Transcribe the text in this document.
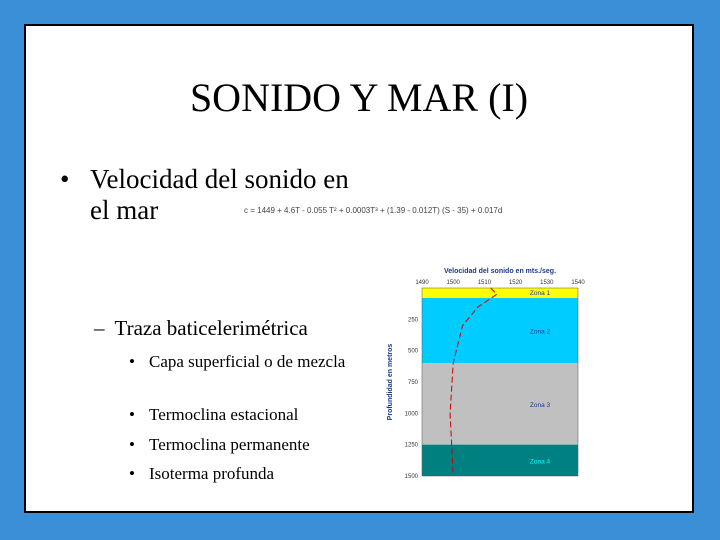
SONIDO Y MAR (I)
• Velocidad del sonido en el mar	c = 1449 + 4.6T - 0.055 T² + 0.0003T³ + (1.39 - 0.012T) (S - 35) + 0.017d
– Traza baticelerimétrica
• Capa superficial o de mezcla
• Termoclina estacional
• Termoclina permanente
• Isoterma profunda
Velocidad del sonido en mts./seg.
Zona 1
Zona 2
Zona 3
Zona 4
1490	1500	1510	1520	1530	1540
250
500
750
1000
1250
1500
Profundidad en metros
